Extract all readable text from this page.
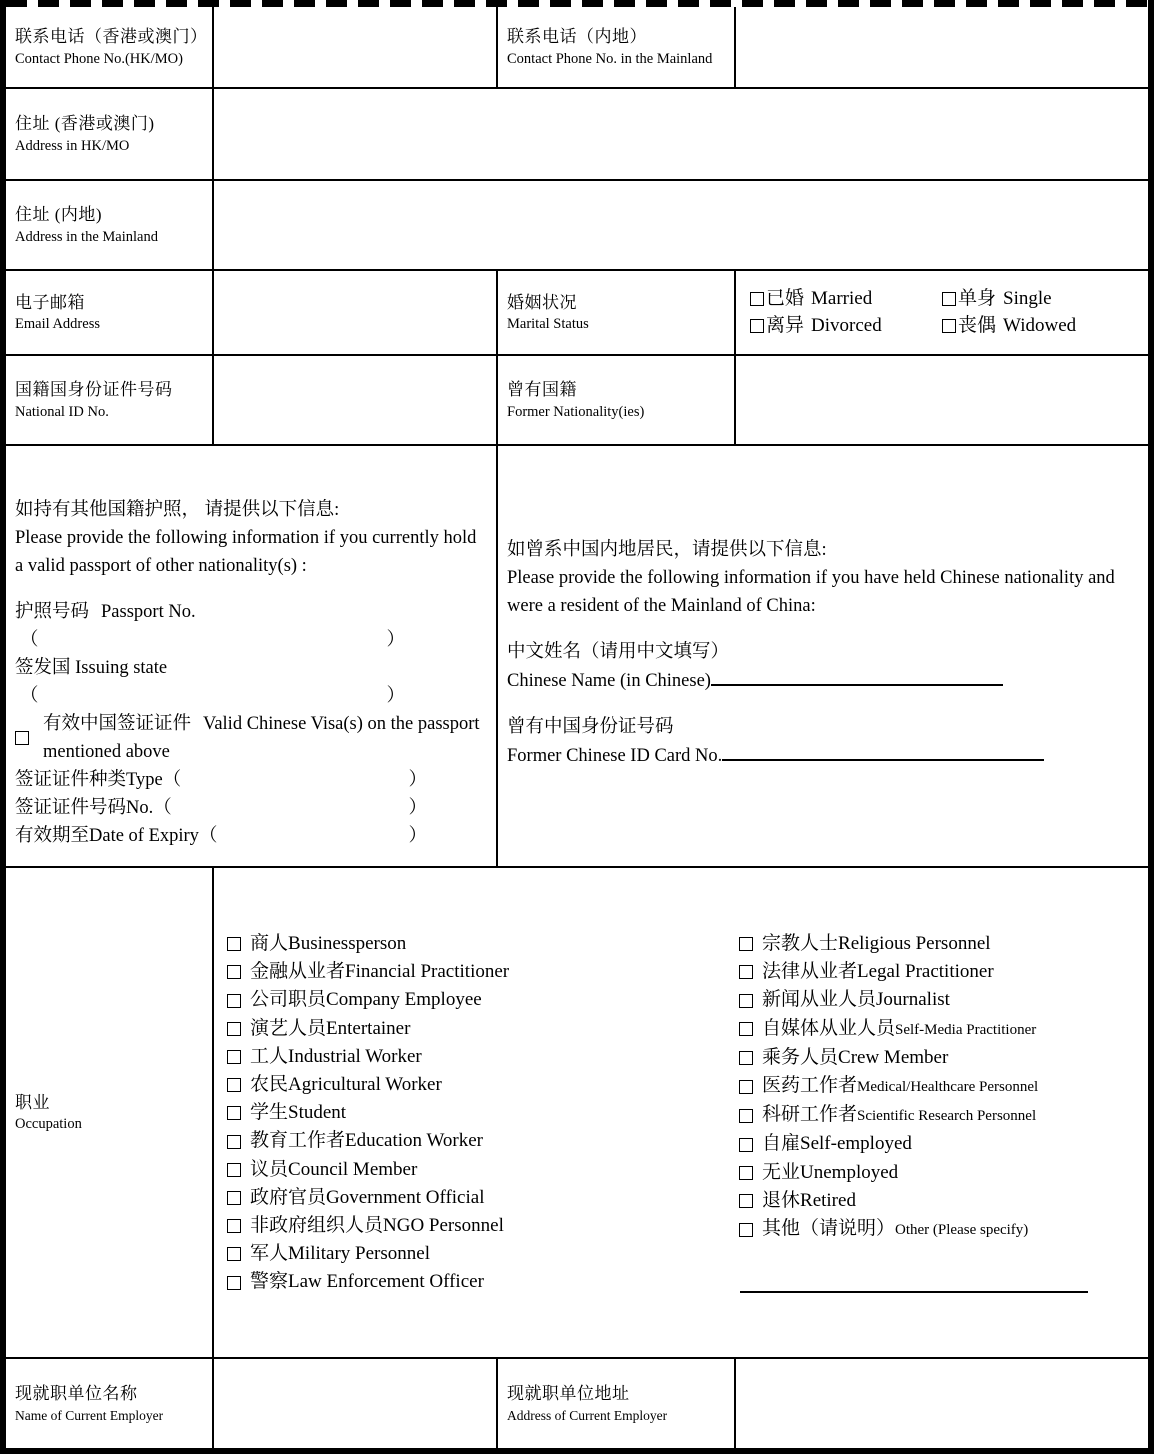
联系电话（香港或澳门）
Contact Phone No.(HK/MO)

联系电话（内地）
Contact Phone No. in the Mainland

住址 (香港或澳门)
Address in HK/MO			

住址 (内地)
Address in the Mainland			

电子邮箱
Email Address

婚姻状况
Marital Status

已婚 Married	单身 Single
离异 Divorced	丧偶 Widowed

国籍国身份证件号码
National ID No.

曾有国籍
Former Nationality(ies)

如持有其他国籍护照， 请提供以下信息:
Please provide the following information if you currently hold a valid passport of other nationality(s) :
护照号码 Passport No.
（	）
签发国 Issuing state
（	）
有效中国签证证件 Valid Chinese Visa(s) on the passport mentioned above
签证证件种类Type （	）
签证证件号码No. （	）
有效期至Date of Expiry （	）

如曾系中国内地居民，请提供以下信息:
Please provide the following information if you have held Chinese nationality and were a resident of the Mainland of China:
中文姓名（请用中文填写）
Chinese Name (in Chinese)
曾有中国身份证号码
Former Chinese ID Card No.

职业
Occupation

商人 Businessperson
金融从业者 Financial Practitioner
公司职员 Company Employee
演艺人员 Entertainer
工人 Industrial Worker
农民 Agricultural Worker
学生 Student
教育工作者 Education Worker
议员 Council Member
政府官员 Government Official
非政府组织人员 NGO Personnel
军人 Military Personnel
警察 Law Enforcement Officer
宗教人士 Religious Personnel
法律从业者 Legal Practitioner
新闻从业人员 Journalist
自媒体从业人员 Self-Media Practitioner
乘务人员 Crew Member
医药工作者 Medical/Healthcare Personnel
科研工作者 Scientific Research Personnel
自雇 Self-employed
无业 Unemployed
退休 Retired
其他（请说明） Other (Please specify)

现就职单位名称
Name of Current Employer

现就职单位地址
Address of Current Employer
